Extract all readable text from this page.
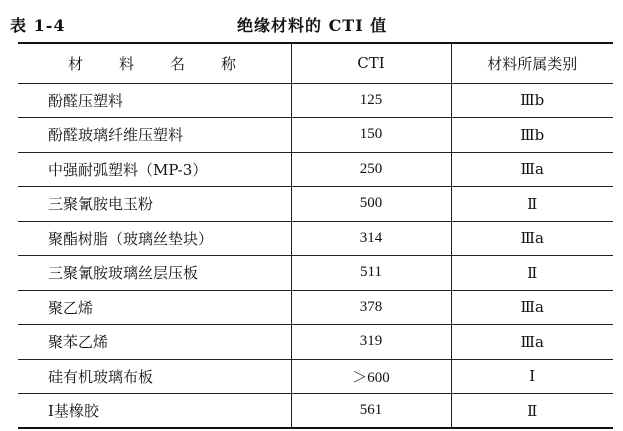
表 1-4	绝缘材料的 CTI 值
材料名称	CTI	材料所属类别
酚醛压塑料	125	Ⅲb
酚醛玻璃纤维压塑料	150	Ⅲb
中强耐弧塑料（MP-3）	250	Ⅲa
三聚氰胺电玉粉	500	Ⅱ
聚酯树脂（玻璃丝垫块）	314	Ⅲa
三聚氰胺玻璃丝层压板	511	Ⅱ
聚乙烯	378	Ⅲa
聚苯乙烯	319	Ⅲa
硅有机玻璃布板	＞600	Ⅰ
Ⅰ基橡胶	561	Ⅱ
